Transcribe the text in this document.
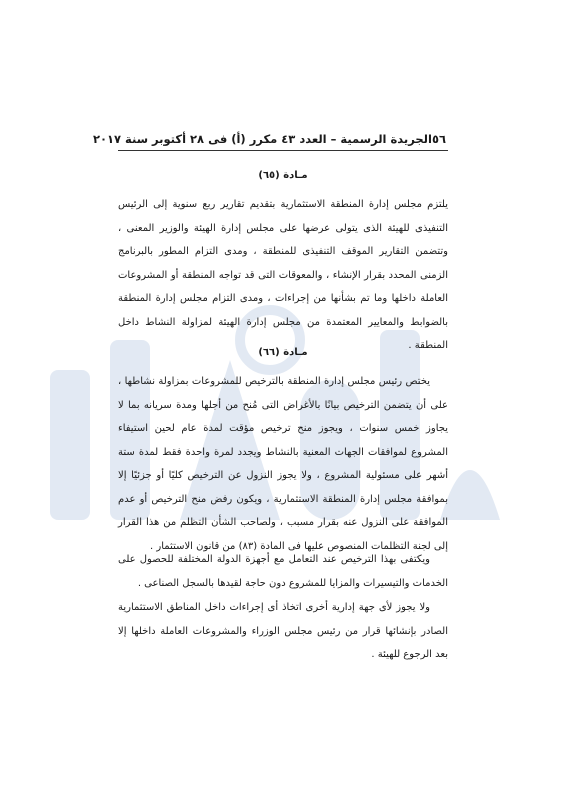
٥٦
الجريدة الرسمية – العدد ٤٣ مكرر (أ) فى ٢٨ أكتوبر سنة ٢٠١٧
مـادة (٦٥)
يلتزم مجلس إدارة المنطقة الاستثمارية بتقديم تقارير ربع سنوية إلى الرئيس التنفيذى للهيئة الذى يتولى عرضها على مجلس إدارة الهيئة والوزير المعنى ، وتتضمن التقارير الموقف التنفيذى للمنطقة ، ومدى التزام المطور بالبرنامج الزمنى المحدد بقرار الإنشاء ، والمعوقات التى قد تواجه المنطقة أو المشروعات العاملة داخلها وما تم بشأنها من إجراءات ، ومدى التزام مجلس إدارة المنطقة بالضوابط والمعايير المعتمدة من مجلس إدارة الهيئة لمزاولة النشاط داخل المنطقة .
مـادة (٦٦)
يختص رئيس مجلس إدارة المنطقة بالترخيص للمشروعات بمزاولة نشاطها ، على أن يتضمن الترخيص بيانًا بالأغراض التى مُنح من أجلها ومدة سريانه بما لا يجاوز خمس سنوات ، ويجوز منح ترخيص مؤقت لمدة عام لحين استيفاء المشروع لموافقات الجهات المعنية بالنشاط ويجدد لمرة واحدة فقط لمدة ستة أشهر على مسئولية المشروع ، ولا يجوز النزول عن الترخيص كليًا أو جزئيًا إلا بموافقة مجلس إدارة المنطقة الاستثمارية ، ويكون رفض منح الترخيص أو عدم الموافقة على النزول عنه بقرار مسبب ، ولصاحب الشأن التظلم من هذا القرار إلى لجنة التظلمات المنصوص عليها فى المادة (٨٣) من قانون الاستثمار .
ويكتفى بهذا الترخيص عند التعامل مع أجهزة الدولة المختلفة للحصول على الخدمات والتيسيرات والمزايا للمشروع دون حاجة لقيدها بالسجل الصناعى .
ولا يجوز لأى جهة إدارية أخرى اتخاذ أى إجراءات داخل المناطق الاستثمارية الصادر بإنشائها قرار من رئيس مجلس الوزراء والمشروعات العاملة داخلها إلا بعد الرجوع للهيئة .
